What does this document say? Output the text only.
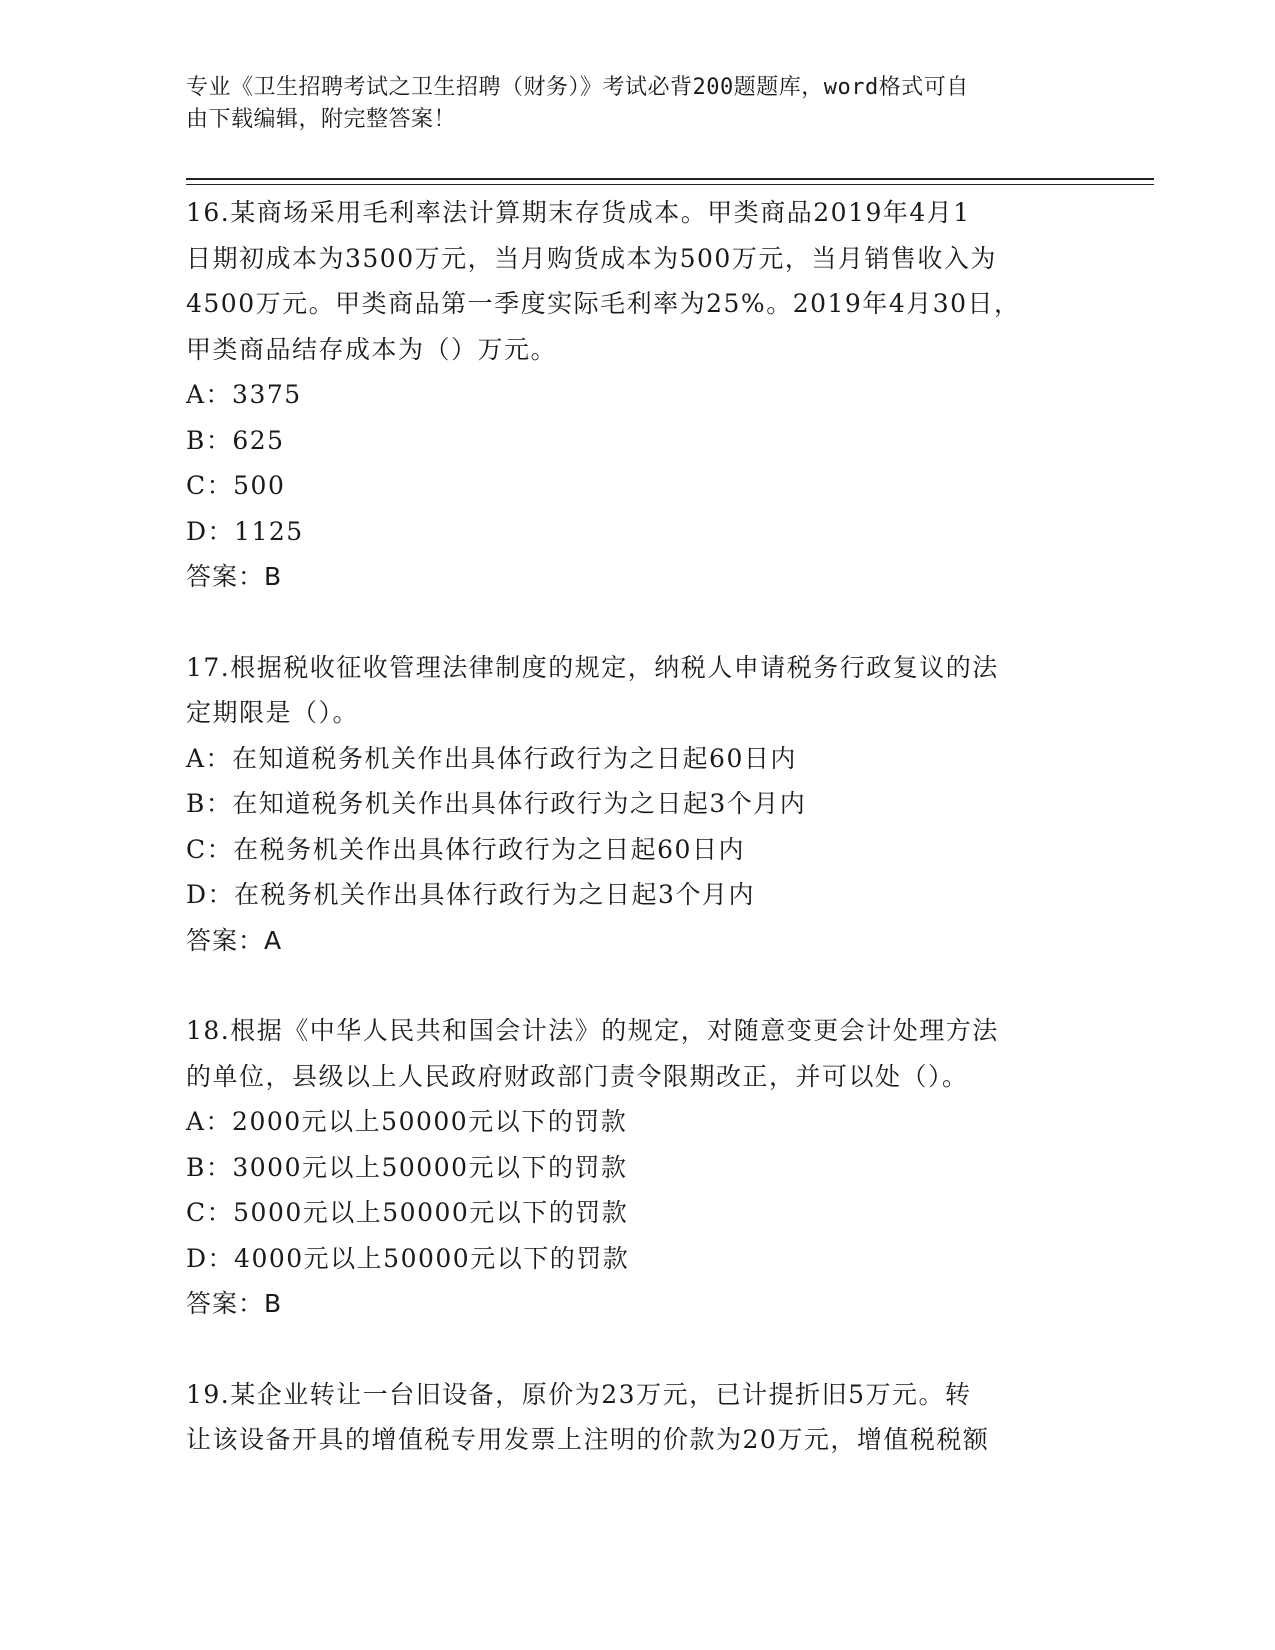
专业《卫生招聘考试之卫生招聘（财务）》考试必背200题题库，word格式可自
由下载编辑，附完整答案！

16.某商场采用毛利率法计算期末存货成本。甲类商品2019年4月1

日期初成本为3500万元，当月购货成本为500万元，当月销售收入为

4500万元。甲类商品第一季度实际毛利率为25%。2019年4月30日，

甲类商品结存成本为（）万元。

A：3375

B：625

C：500

D：1125

答案：B

17.根据税收征收管理法律制度的规定，纳税人申请税务行政复议的法

定期限是（）。

A：在知道税务机关作出具体行政行为之日起60日内

B：在知道税务机关作出具体行政行为之日起3个月内

C：在税务机关作出具体行政行为之日起60日内

D：在税务机关作出具体行政行为之日起3个月内

答案：A

18.根据《中华人民共和国会计法》的规定，对随意变更会计处理方法

的单位，县级以上人民政府财政部门责令限期改正，并可以处（）。

A：2000元以上50000元以下的罚款

B：3000元以上50000元以下的罚款

C：5000元以上50000元以下的罚款

D：4000元以上50000元以下的罚款

答案：B

19.某企业转让一台旧设备，原价为23万元，已计提折旧5万元。转

让该设备开具的增值税专用发票上注明的价款为20万元，增值税税额
